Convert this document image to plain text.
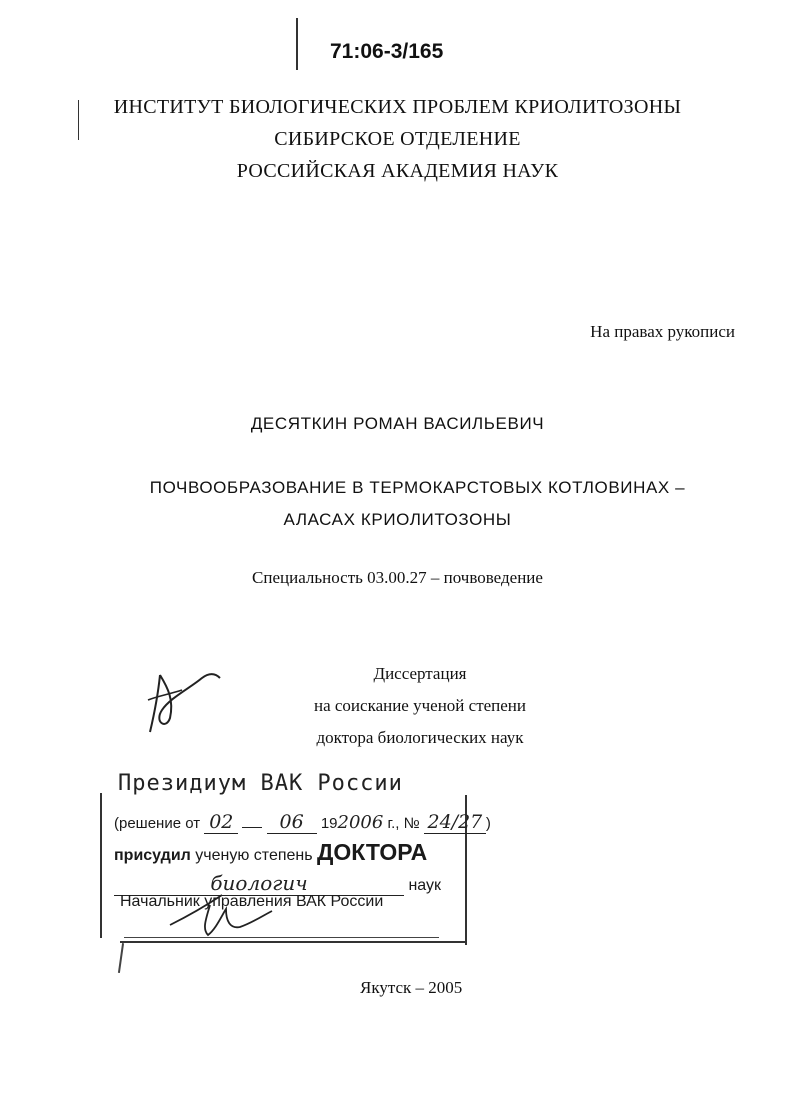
71:06-3/165
ИНСТИТУТ БИОЛОГИЧЕСКИХ ПРОБЛЕМ КРИОЛИТОЗОНЫ
СИБИРСКОЕ ОТДЕЛЕНИЕ
РОССИЙСКАЯ АКАДЕМИЯ НАУК
На правах рукописи
ДЕСЯТКИН РОМАН ВАСИЛЬЕВИЧ
ПОЧВООБРАЗОВАНИЕ В ТЕРМОКАРСТОВЫХ КОТЛОВИНАХ –
АЛАСАХ КРИОЛИТОЗОНЫ
Специальность 03.00.27 – почвоведение
Диссертация
на соискание ученой степени
доктора биологических наук
Президиум ВАК России
(решение от 02 06 192006 г., № 24/27 )
присудил ученую степень ДОКТОРА
биологич	наук
Начальник управления ВАК России
Якутск – 2005
